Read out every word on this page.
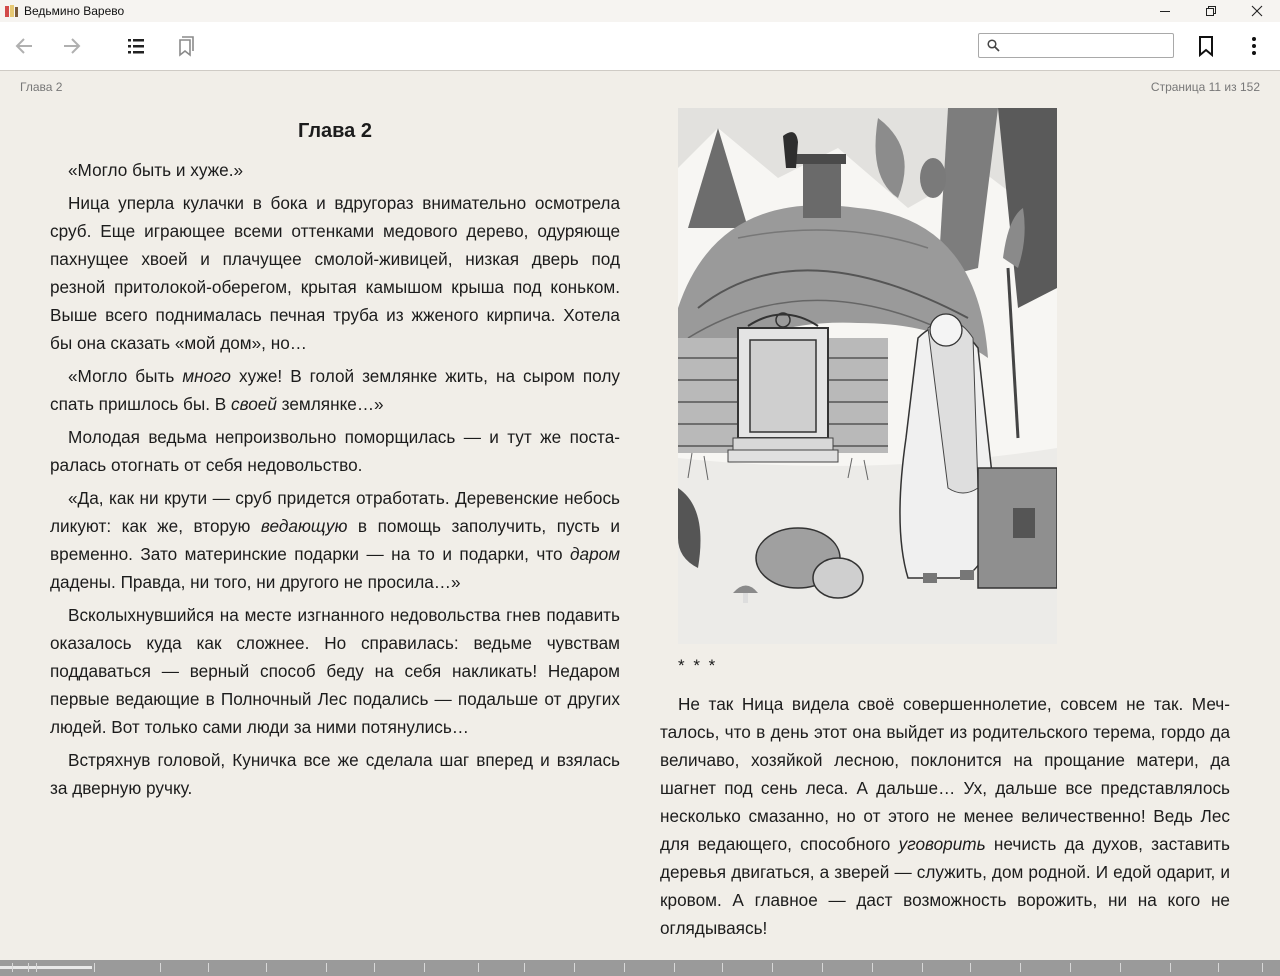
Ведьмино Варево
Глава 2	Страница 11 из 152
Глава 2

«Могло быть и хуже.»

Ница уперла кулачки в бока и вдругораз внимательно осмотрела сруб. Еще играющее всеми оттенками медового дерево, одуряюще пахнущее хвоей и плачущее смолой-живицей, низкая дверь под резной притолокой-оберегом, крытая камышом крыша под коньком. Выше всего поднималась печная труба из жженого кирпича. Хотела бы она сказать «мой дом», но…

«Могло быть много хуже! В голой землянке жить, на сыром полу спать пришлось бы. В своей землянке…»

Молодая ведьма непроизвольно поморщилась — и тут же постаралась отогнать от себя недовольство.

«Да, как ни крути — сруб придется отработать. Деревенские небось ликуют: как же, вторую ведающую в помощь заполучить, пусть и временно. Зато материнские подарки — на то и подарки, что даром дадены. Правда, ни того, ни другого не просила…»

Всколыхнувшийся на месте изгнанного недовольства гнев подавить оказалось куда как сложнее. Но справилась: ведьме чувствам поддаваться — верный способ беду на себя накликать! Недаром первые ведающие в Полночный Лес подались — подальше от других людей. Вот только сами люди за ними потянулись…

Встряхнув головой, Куничка все же сделала шаг вперед и взялась за дверную ручку.

* * *

Не так Ница видела своё совершеннолетие, совсем не так. Мечталось, что в день этот она выйдет из родительского терема, гордо да величаво, хозяйкой лесною, поклонится на прощание матери, да шагнет под сень леса. А дальше… Ух, дальше все представлялось несколько смазанно, но от этого не менее величественно! Ведь Лес для ведающего, способного уговорить нечисть да духов, заставить деревья двигаться, а зверей — служить, дом родной. И едой одарит, и кровом. А главное — даст возможность ворожить, ни на кого не оглядываясь!
